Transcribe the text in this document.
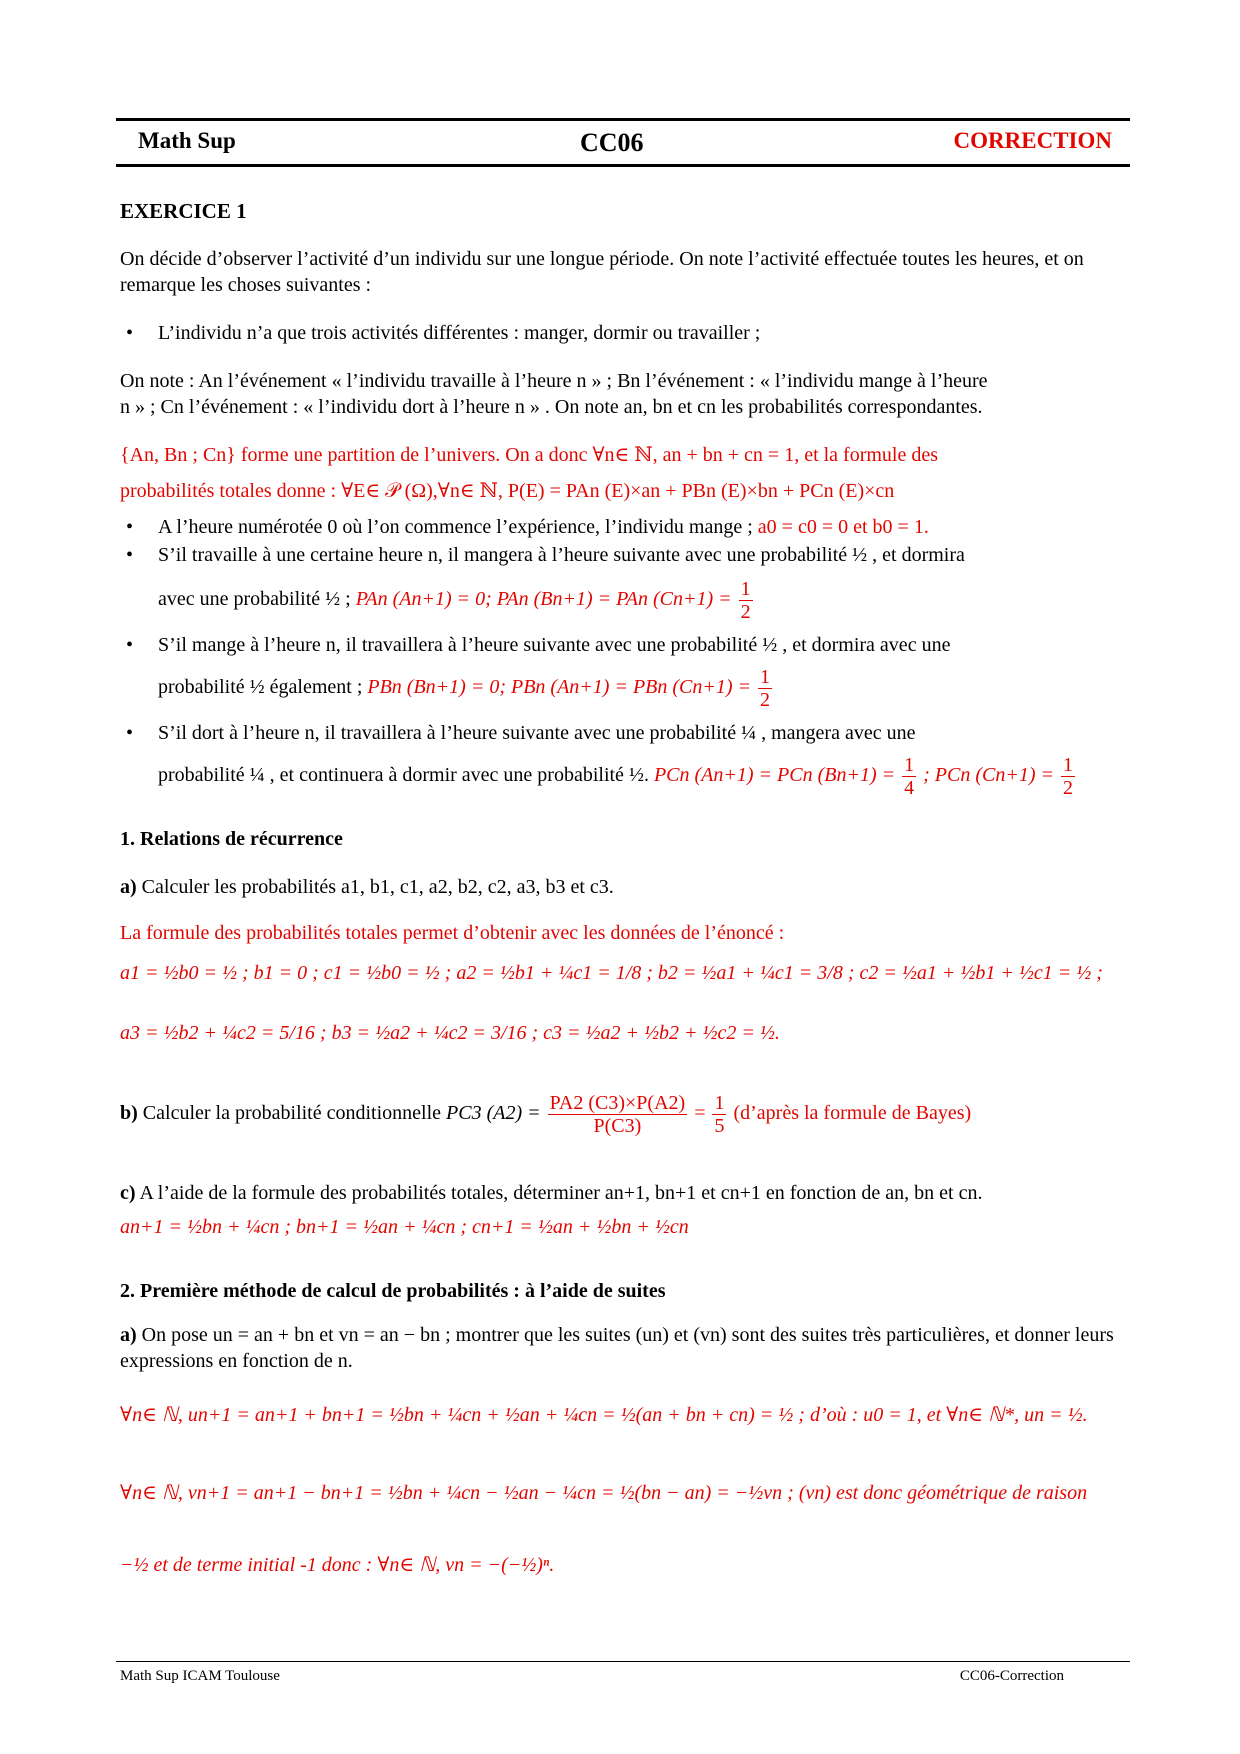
Math Sup	CC06	CORRECTION
EXERCICE 1
On décide d’observer l’activité d’un individu sur une longue période. On note l’activité effectuée toutes les heures, et on remarque les choses suivantes :
• L’individu n’a que trois activités différentes : manger, dormir ou travailler ;
On note : An l’événement « l’individu travaille à l’heure n » ; Bn l’événement : « l’individu mange à l’heure
n » ; Cn l’événement : « l’individu dort à l’heure n » . On note an, bn et cn les probabilités correspondantes.
{An, Bn ; Cn} forme une partition de l’univers. On a donc ∀n∈ ℕ, an + bn + cn = 1, et la formule des
probabilités totales donne : ∀E∈ 𝒫 (Ω),∀n∈ ℕ, P(E) = PAn (E)×an + PBn (E)×bn + PCn (E)×cn
• A l’heure numérotée 0 où l’on commence l’expérience, l’individu mange ; a0 = c0 = 0 et b0 = 1.
• S’il travaille à une certaine heure n, il mangera à l’heure suivante avec une probabilité ½ , et dormira
avec une probabilité ½ ; PAn (An+1) = 0; PAn (Bn+1) = PAn $(Cn+1) = \frac{1}{2}$
• S’il mange à l’heure n, il travaillera à l’heure suivante avec une probabilité ½ , et dormira avec une
probabilité ½ également ; PBn (Bn+1) = 0; PBn (An+1) = PBn $(Cn+1) = \frac{1}{2}$
• S’il dort à l’heure n, il travaillera à l’heure suivante avec une probabilité ¼ , mangera avec une
probabilité ¼ , et continuera à dormir avec une probabilité ½. PCn (An+1) = PCn $(Bn+1) = \frac{1}{4}$ ; PCn $(Cn+1) = \frac{1}{2}$
1. Relations de récurrence
a) Calculer les probabilités a1, b1, c1, a2, b2, c2, a3, b3 et c3.
La formule des probabilités totales permet d’obtenir avec les données de l’énoncé :
a1 = ½b0 = ½ ; b1 = 0 ; c1 = ½b0 = ½ ; a2 = ½b1 + ¼c1 = 1/8 ; b2 = ½a1 + ¼c1 = 3/8 ; c2 = ½a1 + ½b1 + ½c1 = ½ ;
a3 = ½b2 + ¼c2 = 5/16 ; b3 = ½a2 + ¼c2 = 3/16 ; c3 = ½a2 + ½b2 + ½c2 = ½.
b) Calculer la probabilité conditionnelle PC3 $(A2) = \frac{PA2 (C3)\times P(A2)}{P(C3)} = \frac{1}{5}$ (d’après la formule de Bayes)
c) A l’aide de la formule des probabilités totales, déterminer an+1, bn+1 et cn+1 en fonction de an, bn et cn.
an+1 = ½bn + ¼cn ; bn+1 = ½an + ¼cn ; cn+1 = ½an + ½bn + ½cn
2. Première méthode de calcul de probabilités : à l’aide de suites
a) On pose un = an + bn et vn = an − bn ; montrer que les suites (un) et (vn) sont des suites très particulières, et donner leurs expressions en fonction de n.
∀n∈ ℕ, un+1 = an+1 + bn+1 = ½bn + ¼cn + ½an + ¼cn = ½(an + bn + cn) = ½ ; d’où : u0 = 1, et ∀n∈ ℕ*, un = ½.
∀n∈ ℕ, vn+1 = an+1 − bn+1 = ½bn + ¼cn − ½an − ¼cn = ½(bn − an) = −½vn ; (vn) est donc géométrique de raison
−½ et de terme initial -1 donc : ∀n∈ ℕ, vn = −(−½)ⁿ.
Math Sup ICAM Toulouse	CC06-Correction
